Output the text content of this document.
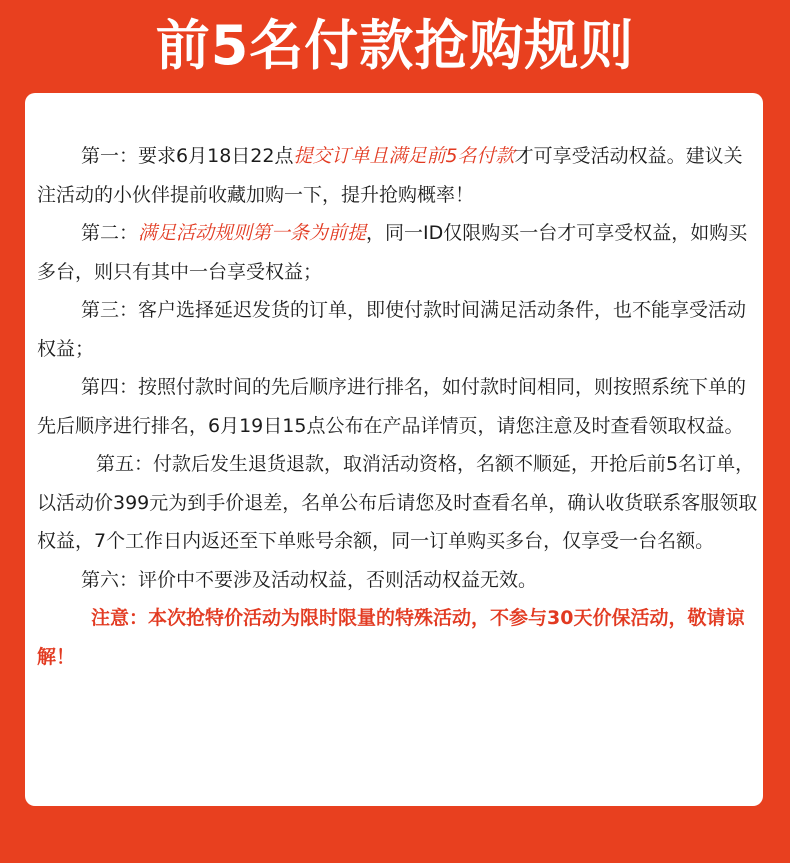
前5名付款抢购规则

第一：要求6月18日22点提交订单且满足前5名付款才可享受活动权益。建议关注活动的小伙伴提前收藏加购一下，提升抢购概率！

第二：满足活动规则第一条为前提，同一ID仅限购买一台才可享受权益，如购买多台，则只有其中一台享受权益；

第三：客户选择延迟发货的订单，即使付款时间满足活动条件，也不能享受活动权益；

第四：按照付款时间的先后顺序进行排名，如付款时间相同，则按照系统下单的先后顺序进行排名，6月19日15点公布在产品详情页，请您注意及时查看领取权益。

第五：付款后发生退货退款，取消活动资格，名额不顺延，开抢后前5名订单，以活动价399元为到手价退差，名单公布后请您及时查看名单，确认收货联系客服领取权益，7个工作日内返还至下单账号余额，同一订单购买多台，仅享受一台名额。

第六：评价中不要涉及活动权益，否则活动权益无效。

注意：本次抢特价活动为限时限量的特殊活动，不参与30天价保活动，敬请谅解！
